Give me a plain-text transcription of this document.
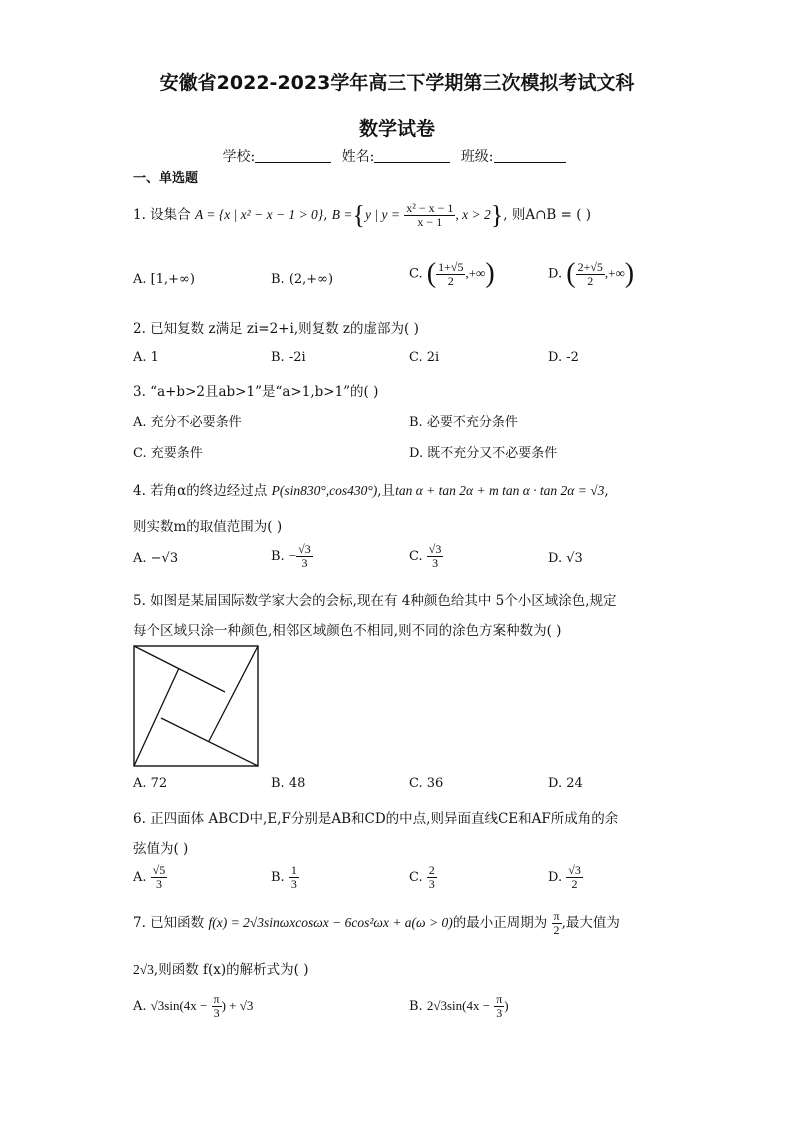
安徽省2022-2023学年高三下学期第三次模拟考试文科
数学试卷
学校:	姓名:	班级:
一、单选题
1. 设集合 A = {x | x² − x − 1 > 0}, B ={y | $y = \frac{\text{x² − x − 1}}{x - 1}$ , x > 2}, 则A∩B = ( )
A. [1,+∞)	B. (2,+∞)	C. ( $\frac{1+√5}{2}$ ,+∞)	D. ( $\frac{2+√5}{2}$ ,+∞)
2. 已知复数 z满足 zi=2+i,则复数 z的虚部为( )
A. 1	B. -2i	C. 2i	D. -2
3. “a+b>2且ab>1”是“a>1,b>1”的( )
A. 充分不必要条件	B. 必要不充分条件
C. 充要条件	D. 既不充分又不必要条件
4. 若角α的终边经过点 P(sin830°,cos430°),且tan α + tan 2α + m tan α · tan 2α = √3,
则实数m的取值范围为( )
A. −√3	B. − $\frac{√3}{3}$	C. $\frac{√3}{3}$	D. √3
5. 如图是某届国际数学家大会的会标,现在有 4种颜色给其中 5个小区域涂色,规定
每个区域只涂一种颜色,相邻区域颜色不相同,则不同的涂色方案种数为( )
A. 72	B. 48	C. 36	D. 24
6. 正四面体 ABCD中,E,F分别是AB和CD的中点,则异面直线CE和AF所成角的余
弦值为( )
A. $\frac{√5}{3}$	B. $\frac{1}{3}$	C. $\frac{2}{3}$	D. $\frac{√3}{2}$
7. 已知函数 f(x) = 2√3sinωxcosωx − 6cos²ωx + a(ω > 0)的最小正周期为 $\frac{\pi}{2}$ ,最大值为
2√3,则函数 f(x)的解析式为( )
A. $√3\sin(4x - \frac{\pi}{3}$ ) + √3	B. $2√3\sin(4x - \frac{\pi}{3}$ )
